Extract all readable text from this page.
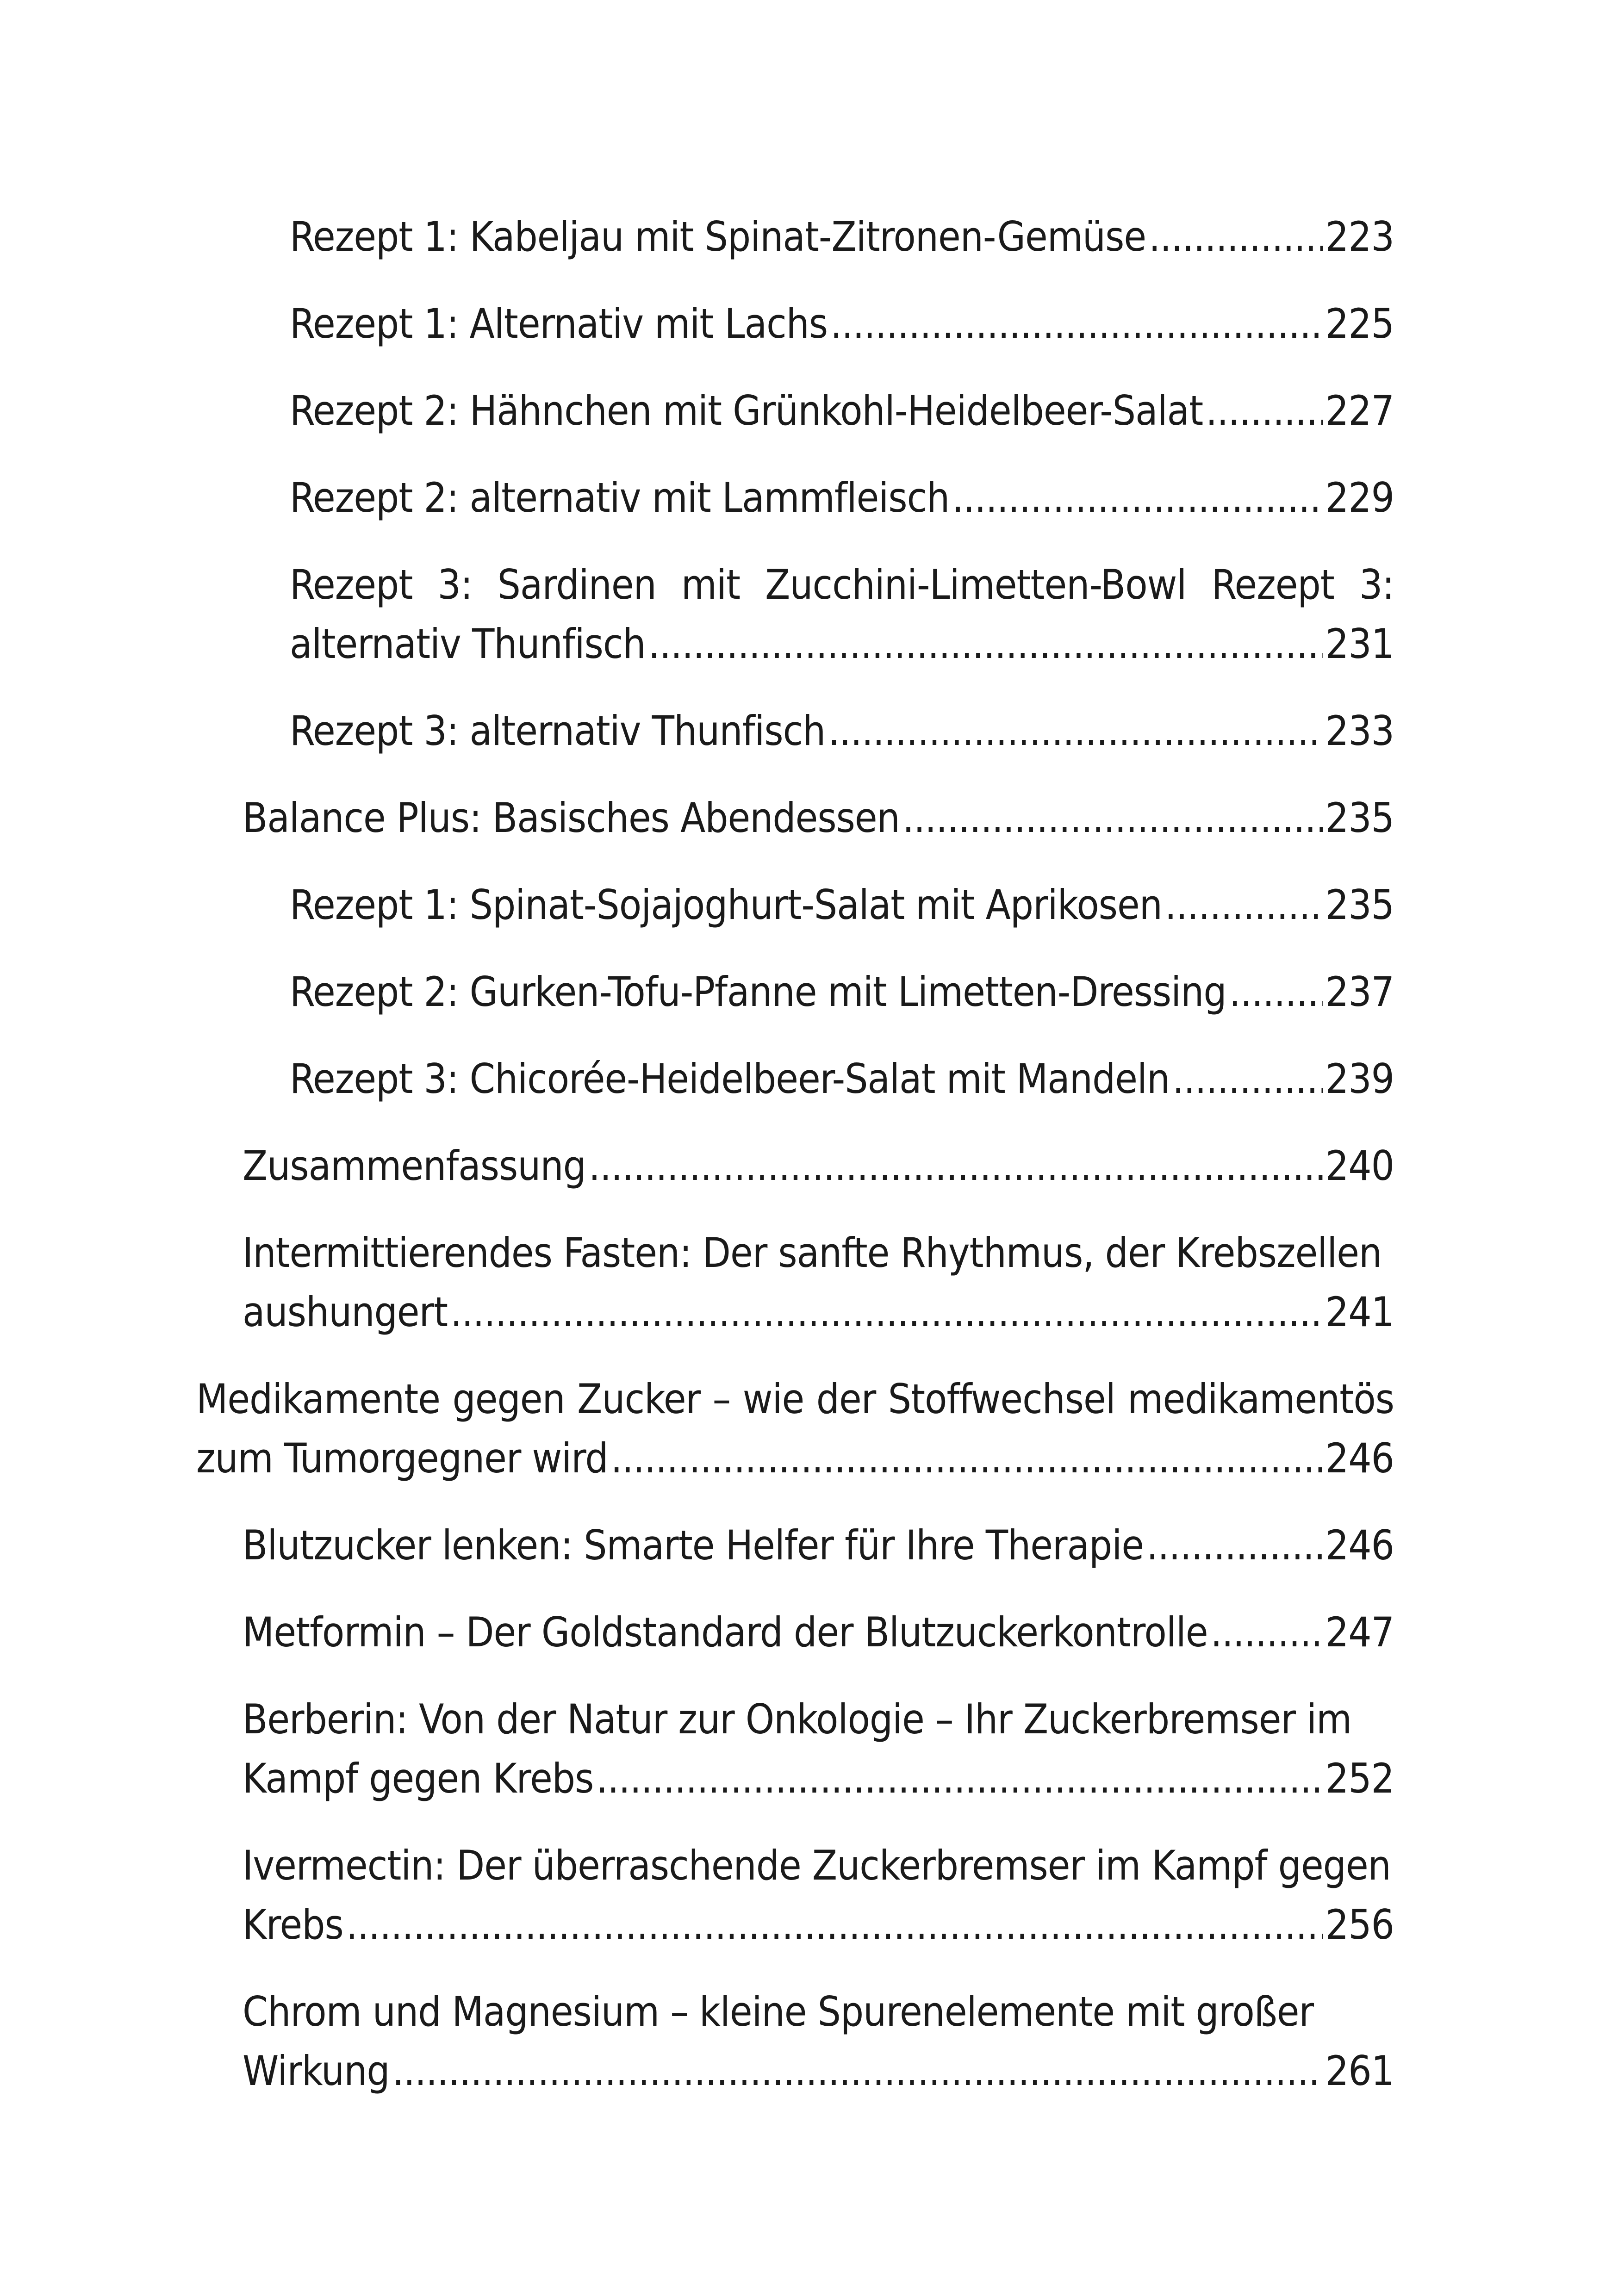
Rezept 1: Kabeljau mit Spinat-Zitronen-Gemüse .....	223
Rezept 1: Alternativ mit Lachs .....	225
Rezept 2: Hähnchen mit Grünkohl-Heidelbeer-Salat .....	227
Rezept 2: alternativ mit Lammfleisch .....	229
Rezept 3: Sardinen mit Zucchini-Limetten-Bowl Rezept 3:
alternativ Thunfisch .....	231
Rezept 3: alternativ Thunfisch .....	233
Balance Plus: Basisches Abendessen .....	235
Rezept 1: Spinat-Sojajoghurt-Salat mit Aprikosen .....	235
Rezept 2: Gurken-Tofu-Pfanne mit Limetten-Dressing ..... 237
Rezept 3: Chicorée-Heidelbeer-Salat mit Mandeln .....	239
Zusammenfassung .....	240
Intermittierendes Fasten: Der sanfte Rhythmus, der Krebszellen
aushungert .....	241
Medikamente gegen Zucker – wie der Stoffwechsel medikamentös
zum Tumorgegner wird .....	246
Blutzucker lenken: Smarte Helfer für Ihre Therapie .....	246
Metformin – Der Goldstandard der Blutzuckerkontrolle .....	247
Berberin: Von der Natur zur Onkologie – Ihr Zuckerbremser im
Kampf gegen Krebs .....	252
Ivermectin: Der überraschende Zuckerbremser im Kampf gegen
Krebs .....	256
Chrom und Magnesium – kleine Spurenelemente mit großer
Wirkung .....	261
